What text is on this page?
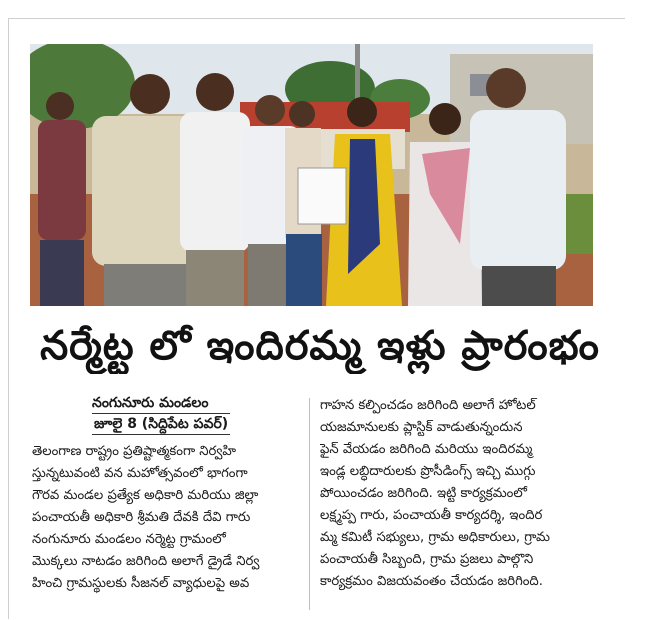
నర్మేట్ట లో ఇందిరమ్మ ఇళ్లు ప్రారంభం
నంగునూరు మండలం
జూలై 8 (సిద్దిపేట పవర్)
తెలంగాణ రాష్ట్రం ప్రతిష్టాత్మకంగా నిర్వహి
స్తున్నటువంటి వన మహోత్సవంలో భాగంగా
గౌరవ మండల ప్రత్యేక అధికారి మరియు జిల్లా
పంచాయతీ అధికారి శ్రీమతి దేవకి దేవి గారు
నంగునూరు మండలం నర్మెట్ట గ్రామంలో
మొక్కలు నాటడం జరిగింది అలాగే డ్రైడే నిర్వ
హించి గ్రామస్థులకు సీజనల్ వ్యాధులపై అవ
గాహన కల్పించడం జరిగింది అలాగే హోటల్
యజమానులకు ప్లాస్టిక్ వాడుతున్నందున
ఫైన్ వేయడం జరిగింది మరియు ఇందిరమ్మ
ఇండ్ల లబ్ధిదారులకు ప్రొసీడింగ్స్ ఇచ్చి ముగ్గు
పోయించడం జరిగింది. ఇట్టి కార్యక్రమంలో
లక్ష్మప్ప గారు, పంచాయతీ కార్యదర్శి, ఇందిర
మ్మ కమిటీ సభ్యులు, గ్రామ అధికారులు, గ్రామ
పంచాయతీ సిబ్బంది, గ్రామ ప్రజలు పాల్గొని
కార్యక్రమం విజయవంతం చేయడం జరిగింది.
